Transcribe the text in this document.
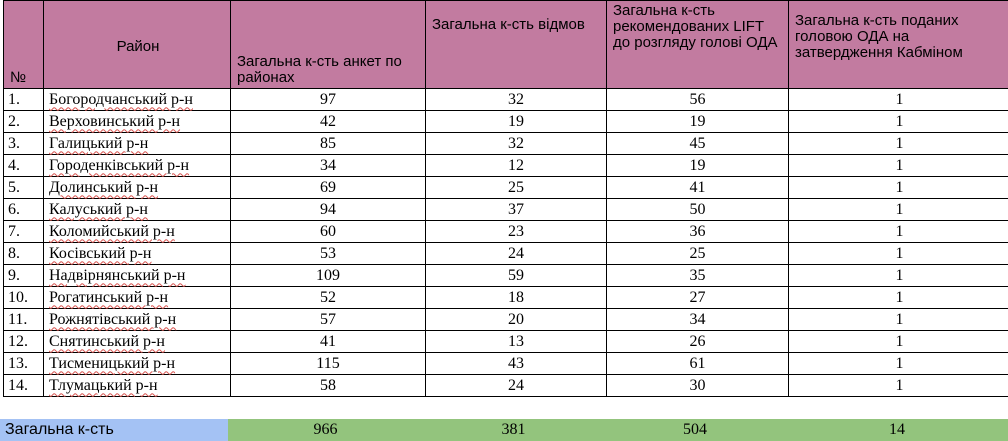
№	Район	Загальна к-сть анкет по районах	Загальна к-сть відмов	Загальна к-сть рекомендованих LIFT до розгляду голові ОДА	Загальна к-сть поданих головою ОДА на затвердження Кабміном

1.	Богородчанський р-н	97	32	56	1
2.	Верховинський р-н	42	19	19	1
3.	Галицький р-н	85	32	45	1
4.	Городенківський р-н	34	12	19	1
5.	Долинський р-н	69	25	41	1
6.	Калуський р-н	94	37	50	1
7.	Коломийський р-н	60	23	36	1
8.	Косівський р-н	53	24	25	1
9.	Надвірнянський р-н	109	59	35	1
10.	Рогатинський р-н	52	18	27	1
11.	Рожнятівський р-н	57	20	34	1
12.	Снятинський р-н	41	13	26	1
13.	Тисменицький р-н	115	43	61	1
14.	Тлумацький р-н	58	24	30	1
Загальна к-сть	966	381	504	14
